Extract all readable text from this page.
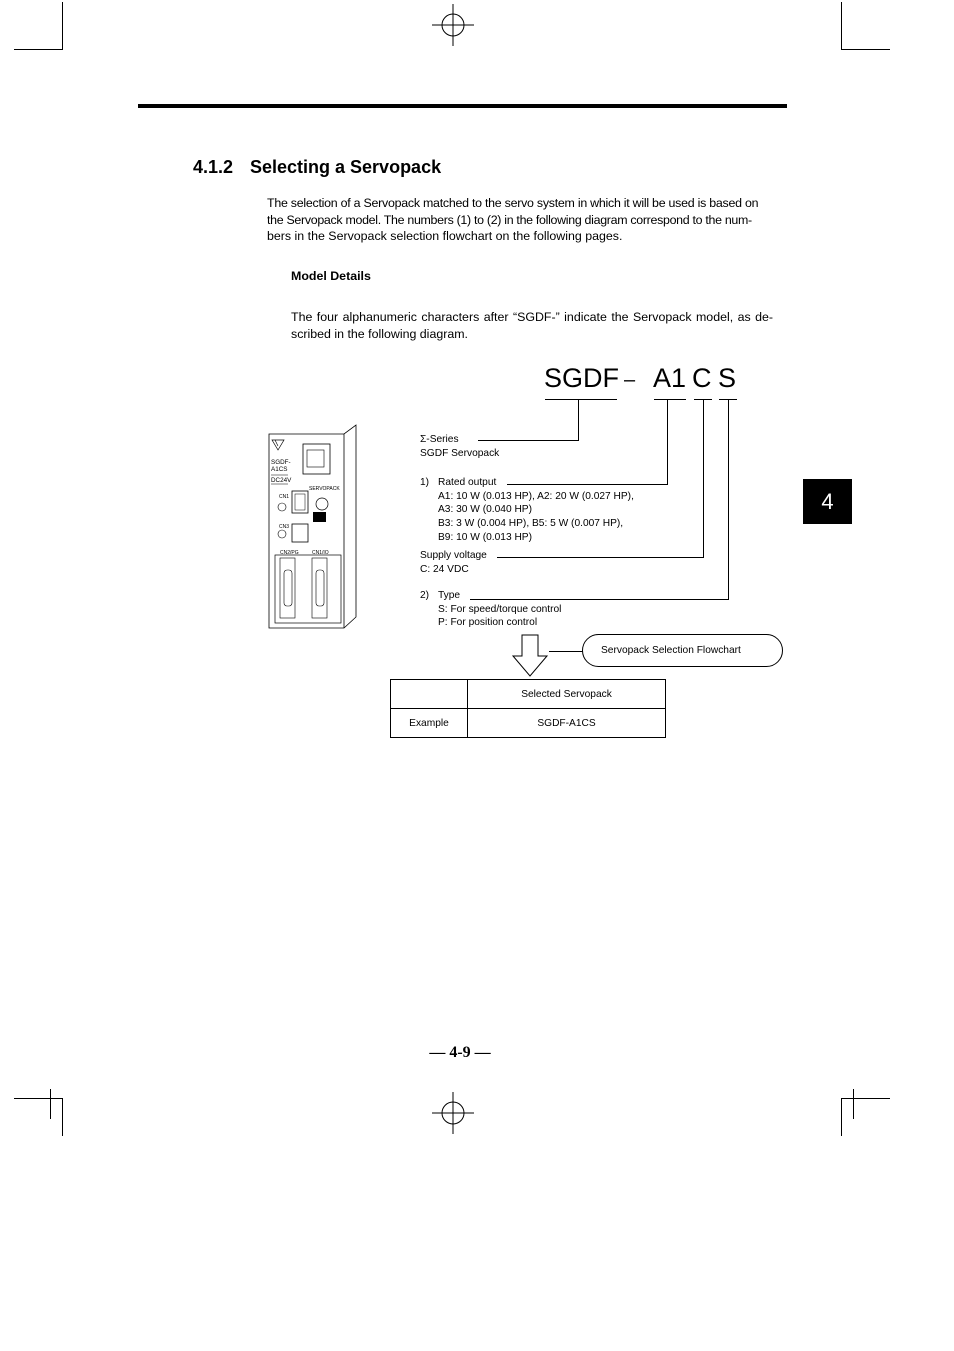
4.1.2 Selecting a Servopack
The selection of a Servopack matched to the servo system in which it will be used is based on
the Servopack model. The numbers (1) to (2) in the following diagram correspond to the num-
bers in the Servopack selection flowchart on the following pages.
Model Details
The four alphanumeric characters after “SGDF-” indicate the Servopack model, as de-
scribed in the following diagram.
SGDF – A1 C S
Σ-Series
SGDF Servopack
1) Rated output
A1: 10 W (0.013 HP), A2: 20 W (0.027 HP),
A3: 30 W (0.040 HP)
B3: 3 W (0.004 HP), B5: 5 W (0.007 HP),
B9: 10 W (0.013 HP)
Supply voltage
C: 24 VDC
2) Type
S: For speed/torque control
P: For position control
Servopack Selection Flowchart
	Selected Servopack
Example	SGDF-A1CS
SGDF-
A1CS
DC24V
SERVOPACK
CN1
CN3
CN2/PG	CN1/IO
4
— 4-9 —
